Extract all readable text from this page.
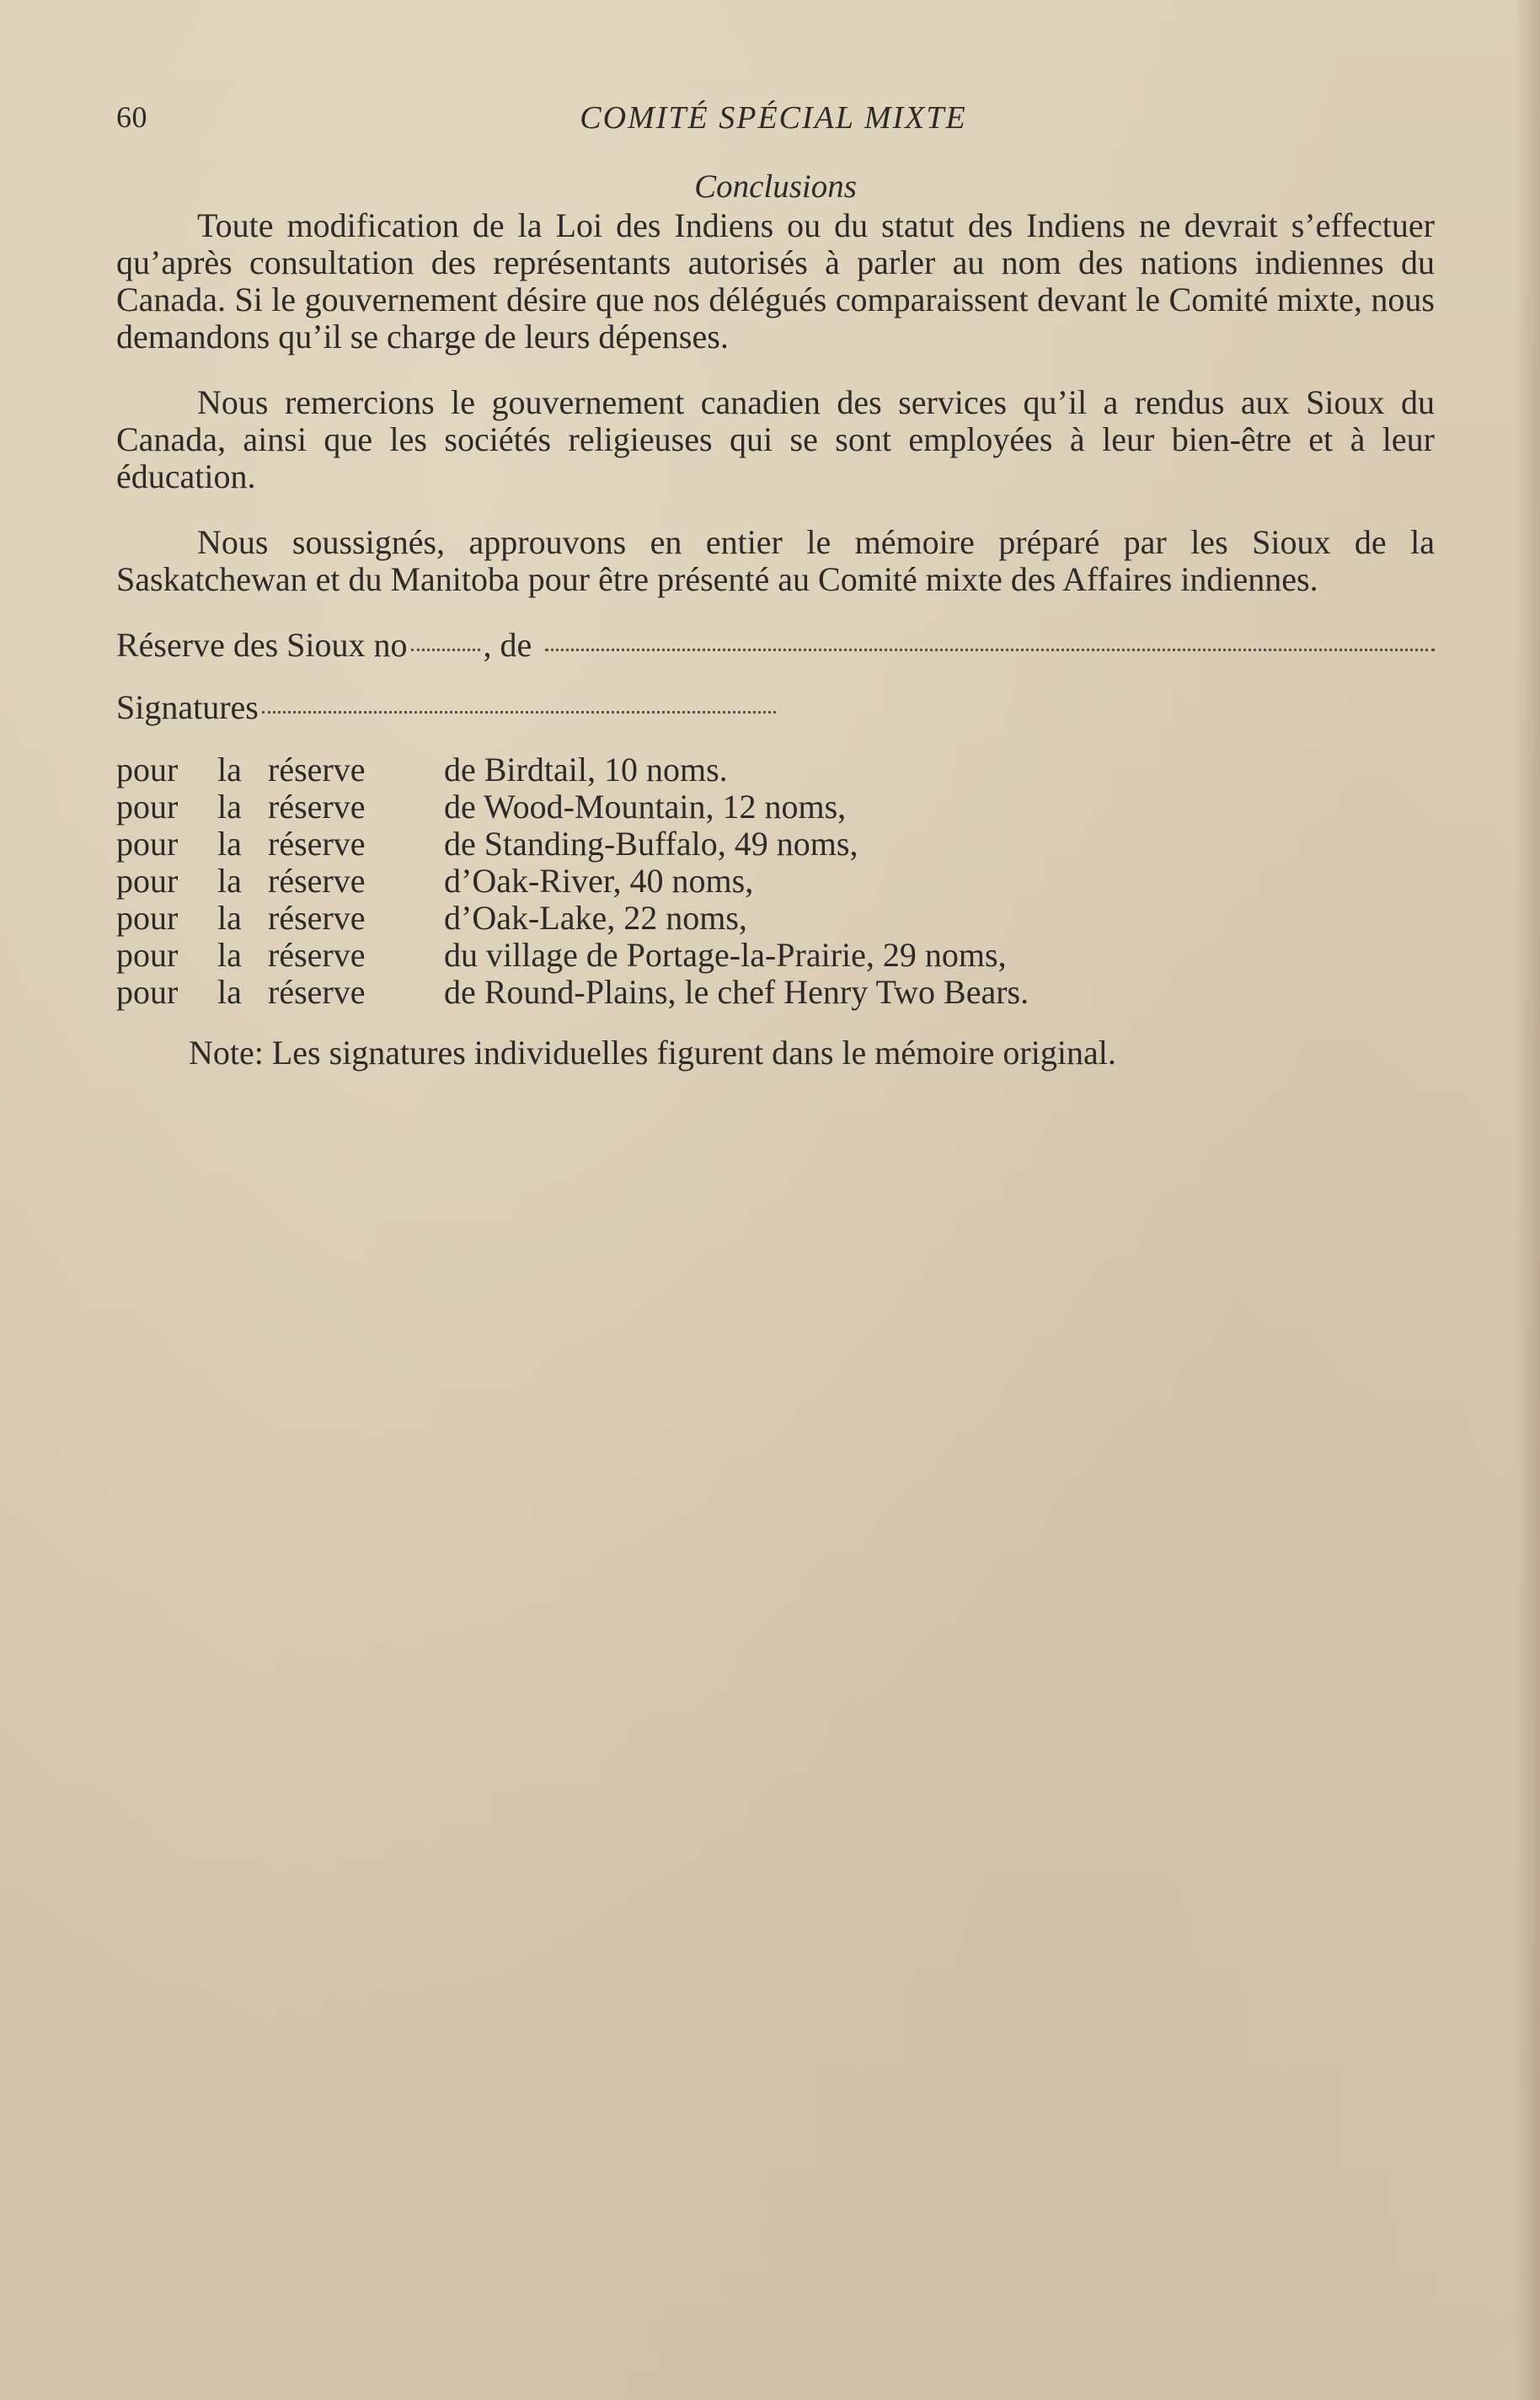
60	COMITÉ SPÉCIAL MIXTE
Conclusions

Toute modification de la Loi des Indiens ou du statut des Indiens ne devrait s’effectuer qu’après consultation des représentants autorisés à parler au nom des nations indiennes du Canada. Si le gouvernement désire que nos délégués comparaissent devant le Comité mixte, nous demandons qu’il se charge de leurs dépenses.

Nous remercions le gouvernement canadien des services qu’il a rendus aux Sioux du Canada, ainsi que les sociétés religieuses qui se sont employées à leur bien-être et à leur éducation.

Nous soussignés, approuvons en entier le mémoire préparé par les Sioux de la Saskatchewan et du Manitoba pour être présenté au Comité mixte des Affaires indiennes.

Réserve des Sioux no , de
Signatures
pour	la réserve	de Birdtail, 10 noms.
pour	la réserve	de Wood-Mountain, 12 noms,
pour	la réserve	de Standing-Buffalo, 49 noms,
pour	la réserve	d’Oak-River, 40 noms,
pour	la réserve	d’Oak-Lake, 22 noms,
pour	la réserve	du village de Portage-la-Prairie, 29 noms,
pour	la réserve	de Round-Plains, le chef Henry Two Bears.

Note: Les signatures individuelles figurent dans le mémoire original.
